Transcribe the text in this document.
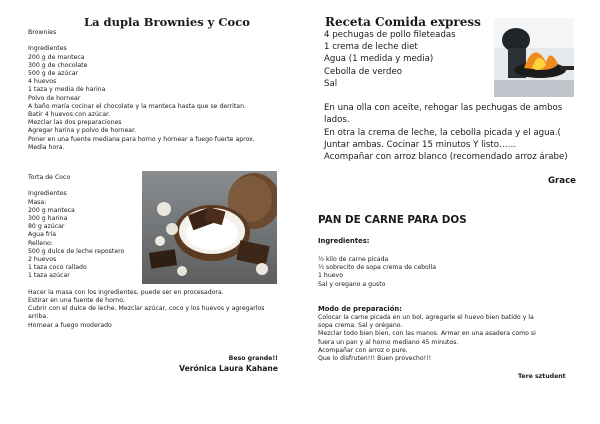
La dupla Brownies y Coco

Brownies

Ingredientes

200 g de manteca

300 g de chocolate

500 g de azúcar

4 huevos

1 taza y media de harina

Polvo de hornear

A baño maría cocinar el chocolate y la manteca hasta que se derritan.

Batir 4 huevos con azúcar.

Mezclar las dos preparaciones

Agregar harina y polvo de hornear.

Poner en una fuente mediana para horno y hornear a fuego fuerte aprox.

Media hora.

Torta de Coco

Ingredientes

Masa:

200 g manteca

300 g harina

80 g azúcar

Agua fría

Relleno:

500 g dulce de leche repostero

2 huevos

1 taza coco rallado

1 taza azúcar

Hacer la masa con los ingredientes, puede ser en procesadora.

Estirar en una fuente de horno.

Cubrir con el dulce de leche. Mezclar azúcar, coco y los huevos y agregarlos

arriba.

Hornear a fuego moderado

Beso grande!!
Verónica Laura Kahane
Receta Comida express

4 pechugas de pollo fileteadas

1 crema de leche diet

Agua (1 medida y media)

Cebolla de verdeo

Sal

En una olla con aceite, rehogar las pechugas de ambos

lados.

En otra la crema de leche, la cebolla picada y el agua.(

Juntar ambas. Cocinar 15 minutos Y listo……

Acompañar con arroz blanco (recomendado arroz árabe)

Grace
PAN DE CARNE PARA DOS
Ingredientes:

½ kilo de carne picada

½ sobrecito de sopa crema de cebolla

1 huevo

Sal y oregano a gusto

Modo de preparación:

Colocar la carne picada en un bol, agregarle el huevo bien batido y la

sopa crema. Sal y orégano.

Mezclar todo bien bien, con las manos. Armar en una asadera como si

fuera un pan y al horno mediano 45 minutos.

Acompañar con arroz o pure.

Que lo disfruten!!! Buen provecho!!!

Tere sztudent
